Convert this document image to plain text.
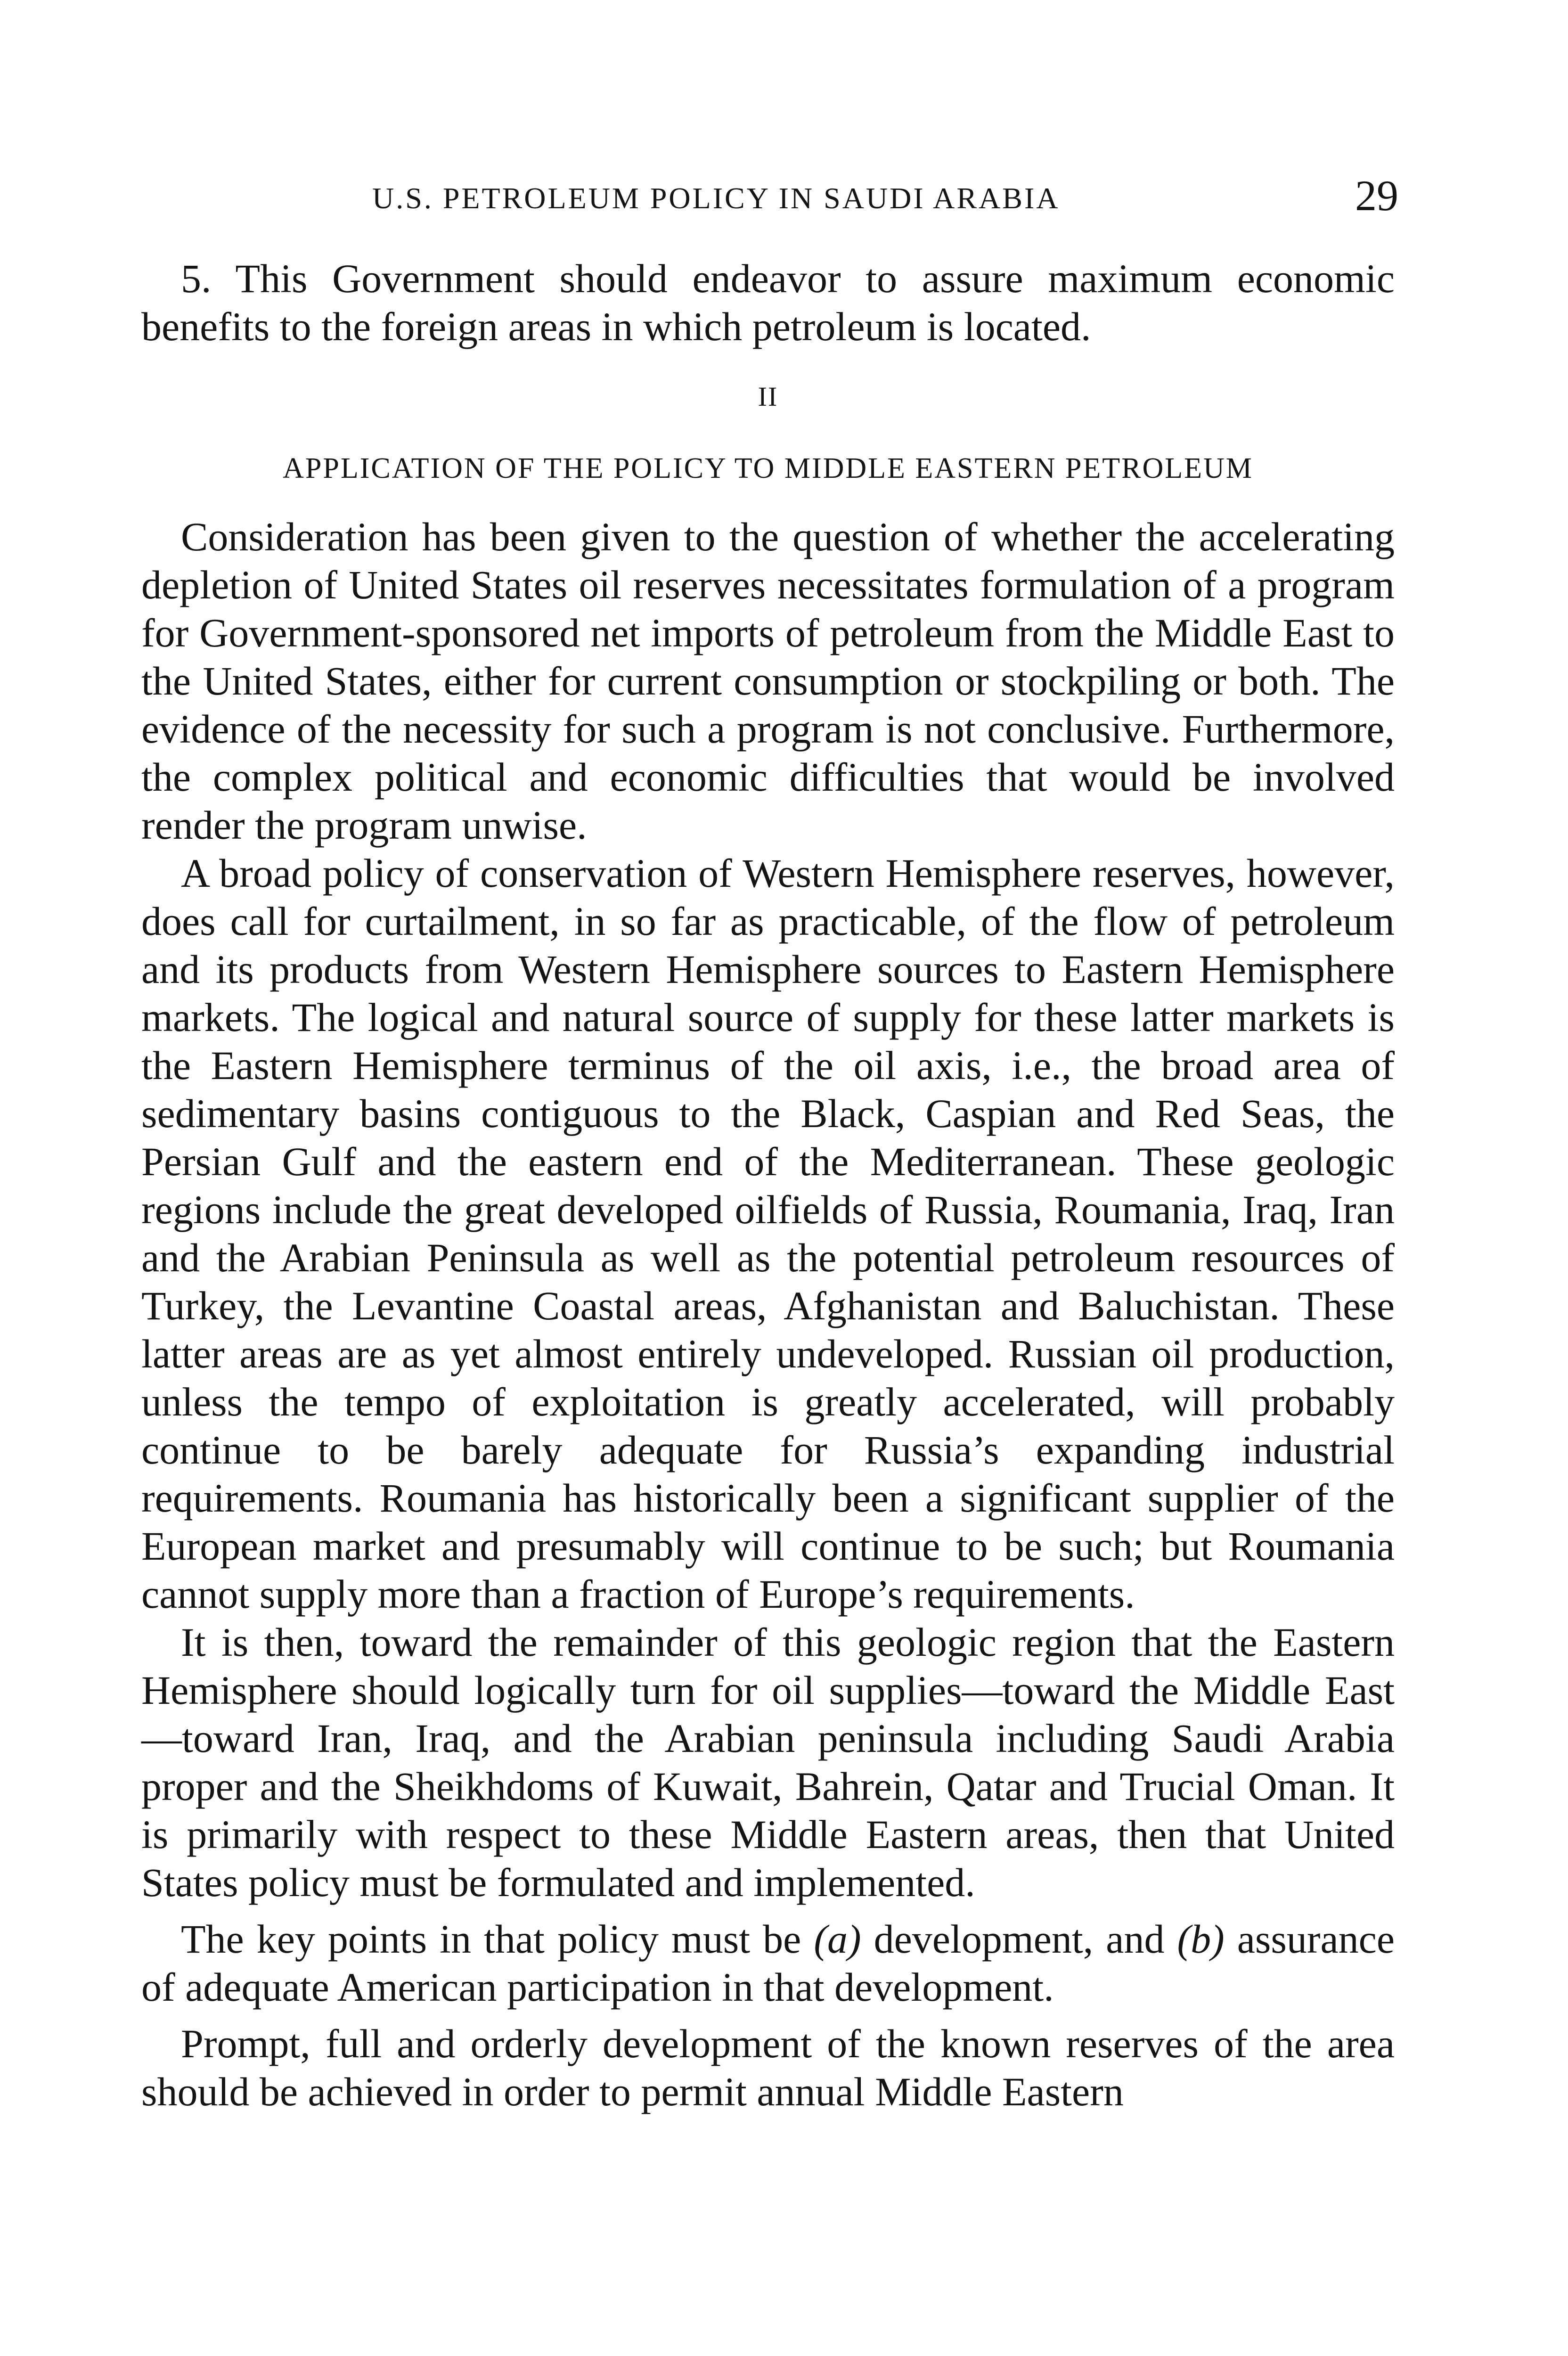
U.S. PETROLEUM POLICY IN SAUDI ARABIA	29

5. This Government should endeavor to assure maximum economic benefits to the foreign areas in which petroleum is located.

II
APPLICATION OF THE POLICY TO MIDDLE EASTERN PETROLEUM

Consideration has been given to the question of whether the accelerating depletion of United States oil reserves necessitates formulation of a program for Government-sponsored net imports of petroleum from the Middle East to the United States, either for current consumption or stockpiling or both. The evidence of the necessity for such a program is not conclusive. Furthermore, the complex political and economic difficulties that would be involved render the program unwise.

A broad policy of conservation of Western Hemisphere reserves, however, does call for curtailment, in so far as practicable, of the flow of petroleum and its products from Western Hemisphere sources to Eastern Hemisphere markets. The logical and natural source of supply for these latter markets is the Eastern Hemisphere terminus of the oil axis, i.e., the broad area of sedimentary basins contiguous to the Black, Caspian and Red Seas, the Persian Gulf and the eastern end of the Mediterranean. These geologic regions include the great developed oilfields of Russia, Roumania, Iraq, Iran and the Arabian Peninsula as well as the potential petroleum resources of Turkey, the Levantine Coastal areas, Afghanistan and Baluchistan. These latter areas are as yet almost entirely undeveloped. Russian oil production, unless the tempo of exploitation is greatly accelerated, will probably continue to be barely adequate for Russia’s expanding industrial requirements. Roumania has historically been a significant supplier of the European market and presumably will continue to be such; but Roumania cannot supply more than a fraction of Europe’s requirements.

It is then, toward the remainder of this geologic region that the Eastern Hemisphere should logically turn for oil supplies—toward the Middle East—toward Iran, Iraq, and the Arabian peninsula including Saudi Arabia proper and the Sheikhdoms of Kuwait, Bahrein, Qatar and Trucial Oman. It is primarily with respect to these Middle Eastern areas, then that United States policy must be formulated and implemented.

The key points in that policy must be (a) development, and (b) assurance of adequate American participation in that development.

Prompt, full and orderly development of the known reserves of the area should be achieved in order to permit annual Middle Eastern
